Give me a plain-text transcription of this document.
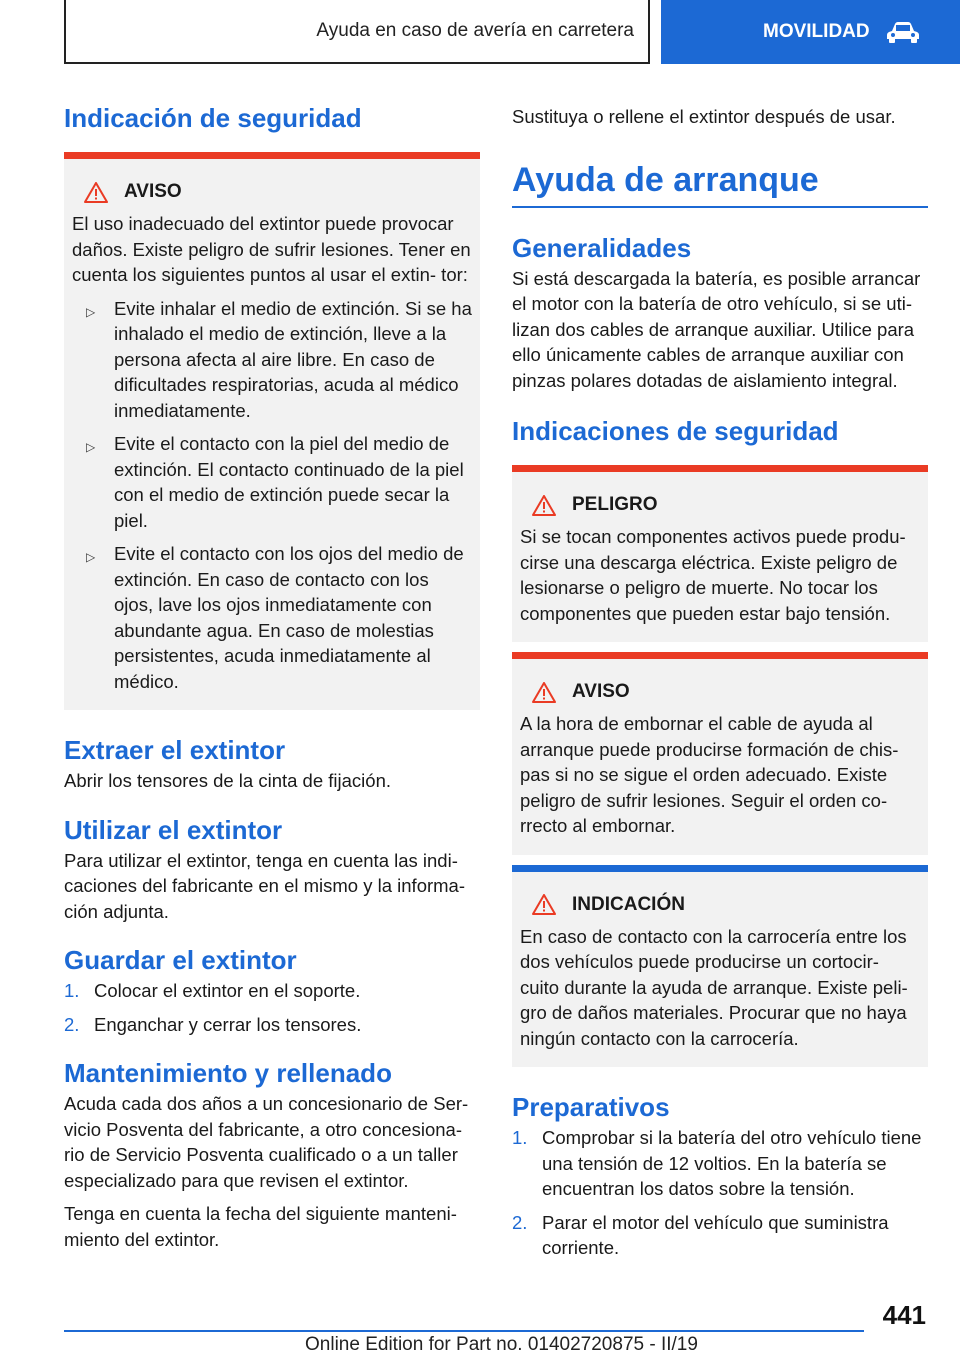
Ayuda en caso de avería en carretera	MOVILIDAD
Indicación de seguridad
AVISO

El uso inadecuado del extintor puede provocar daños. Existe peligro de sufrir lesiones. Tener en cuenta los siguientes puntos al usar el extin- tor:

▷	Evite inhalar el medio de extinción. Si se ha inhalado el medio de extinción, lleve a la persona afecta al aire libre. En caso de dificultades respiratorias, acuda al médico inmediatamente.
▷	Evite el contacto con la piel del medio de extinción. El contacto continuado de la piel con el medio de extinción puede secar la piel.
▷	Evite el contacto con los ojos del medio de extinción. En caso de contacto con los ojos, lave los ojos inmediatamente con abundante agua. En caso de molestias persistentes, acuda inmediatamente al médico.
Extraer el extintor

Abrir los tensores de la cinta de fijación.

Utilizar el extintor

Para utilizar el extintor, tenga en cuenta las indi- caciones del fabricante en el mismo y la informa- ción adjunta.

Guardar el extintor
1. Colocar el extintor en el soporte.
2. Enganchar y cerrar los tensores.
Mantenimiento y rellenado

Acuda cada dos años a un concesionario de Ser- vicio Posventa del fabricante, a otro concesiona- rio de Servicio Posventa cualificado o a un taller especializado para que revisen el extintor.

Tenga en cuenta la fecha del siguiente manteni- miento del extintor.

Sustituya o rellene el extintor después de usar.

Ayuda de arranque
Generalidades

Si está descargada la batería, es posible arrancar el motor con la batería de otro vehículo, si se uti- lizan dos cables de arranque auxiliar. Utilice para ello únicamente cables de arranque auxiliar con pinzas polares dotadas de aislamiento integral.

Indicaciones de seguridad
PELIGRO

Si se tocan componentes activos puede produ- cirse una descarga eléctrica. Existe peligro de lesionarse o peligro de muerte. No tocar los componentes que pueden estar bajo tensión.

AVISO

A la hora de embornar el cable de ayuda al arranque puede producirse formación de chis- pas si no se sigue el orden adecuado. Existe peligro de sufrir lesiones. Seguir el orden co- rrecto al embornar.

INDICACIÓN

En caso de contacto con la carrocería entre los dos vehículos puede producirse un cortocir- cuito durante la ayuda de arranque. Existe peli- gro de daños materiales. Procurar que no haya ningún contacto con la carrocería.

Preparativos
1. Comprobar si la batería del otro vehículo tiene una tensión de 12 voltios. En la batería se encuentran los datos sobre la tensión.
2. Parar el motor del vehículo que suministra corriente.
441
Online Edition for Part no. 01402720875 - II/19
